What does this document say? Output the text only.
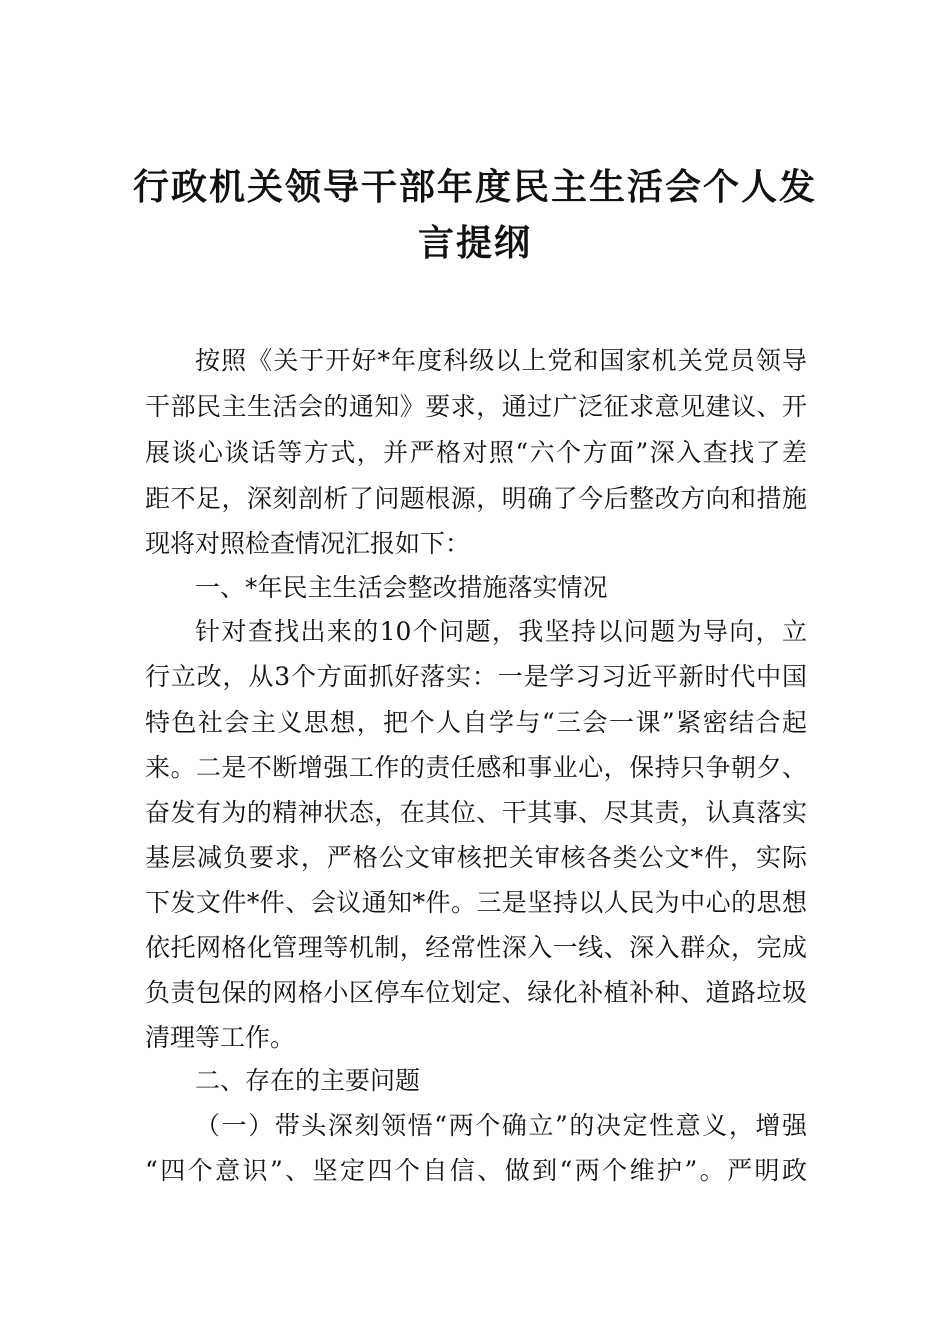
行政机关领导干部年度民主生活会个人发
言提纲
按照《关于开好*年度科级以上党和国家机关党员领导
干部民主生活会的通知》要求，通过广泛征求意见建议、开
展谈心谈话等方式，并严格对照“六个方面”深入查找了差
距不足，深刻剖析了问题根源，明确了今后整改方向和措施
现将对照检查情况汇报如下：
一、*年民主生活会整改措施落实情况
针对查找出来的10个问题，我坚持以问题为导向，立
行立改，从3个方面抓好落实：一是学习习近平新时代中国
特色社会主义思想，把个人自学与“三会一课”紧密结合起
来。二是不断增强工作的责任感和事业心，保持只争朝夕、
奋发有为的精神状态，在其位、干其事、尽其责，认真落实
基层减负要求，严格公文审核把关审核各类公文*件，实际
下发文件*件、会议通知*件。三是坚持以人民为中心的思想
依托网格化管理等机制，经常性深入一线、深入群众，完成
负责包保的网格小区停车位划定、绿化补植补种、道路垃圾
清理等工作。
二、存在的主要问题
（一）带头深刻领悟“两个确立”的决定性意义，增强
“四个意识”、坚定四个自信、做到“两个维护”。严明政
